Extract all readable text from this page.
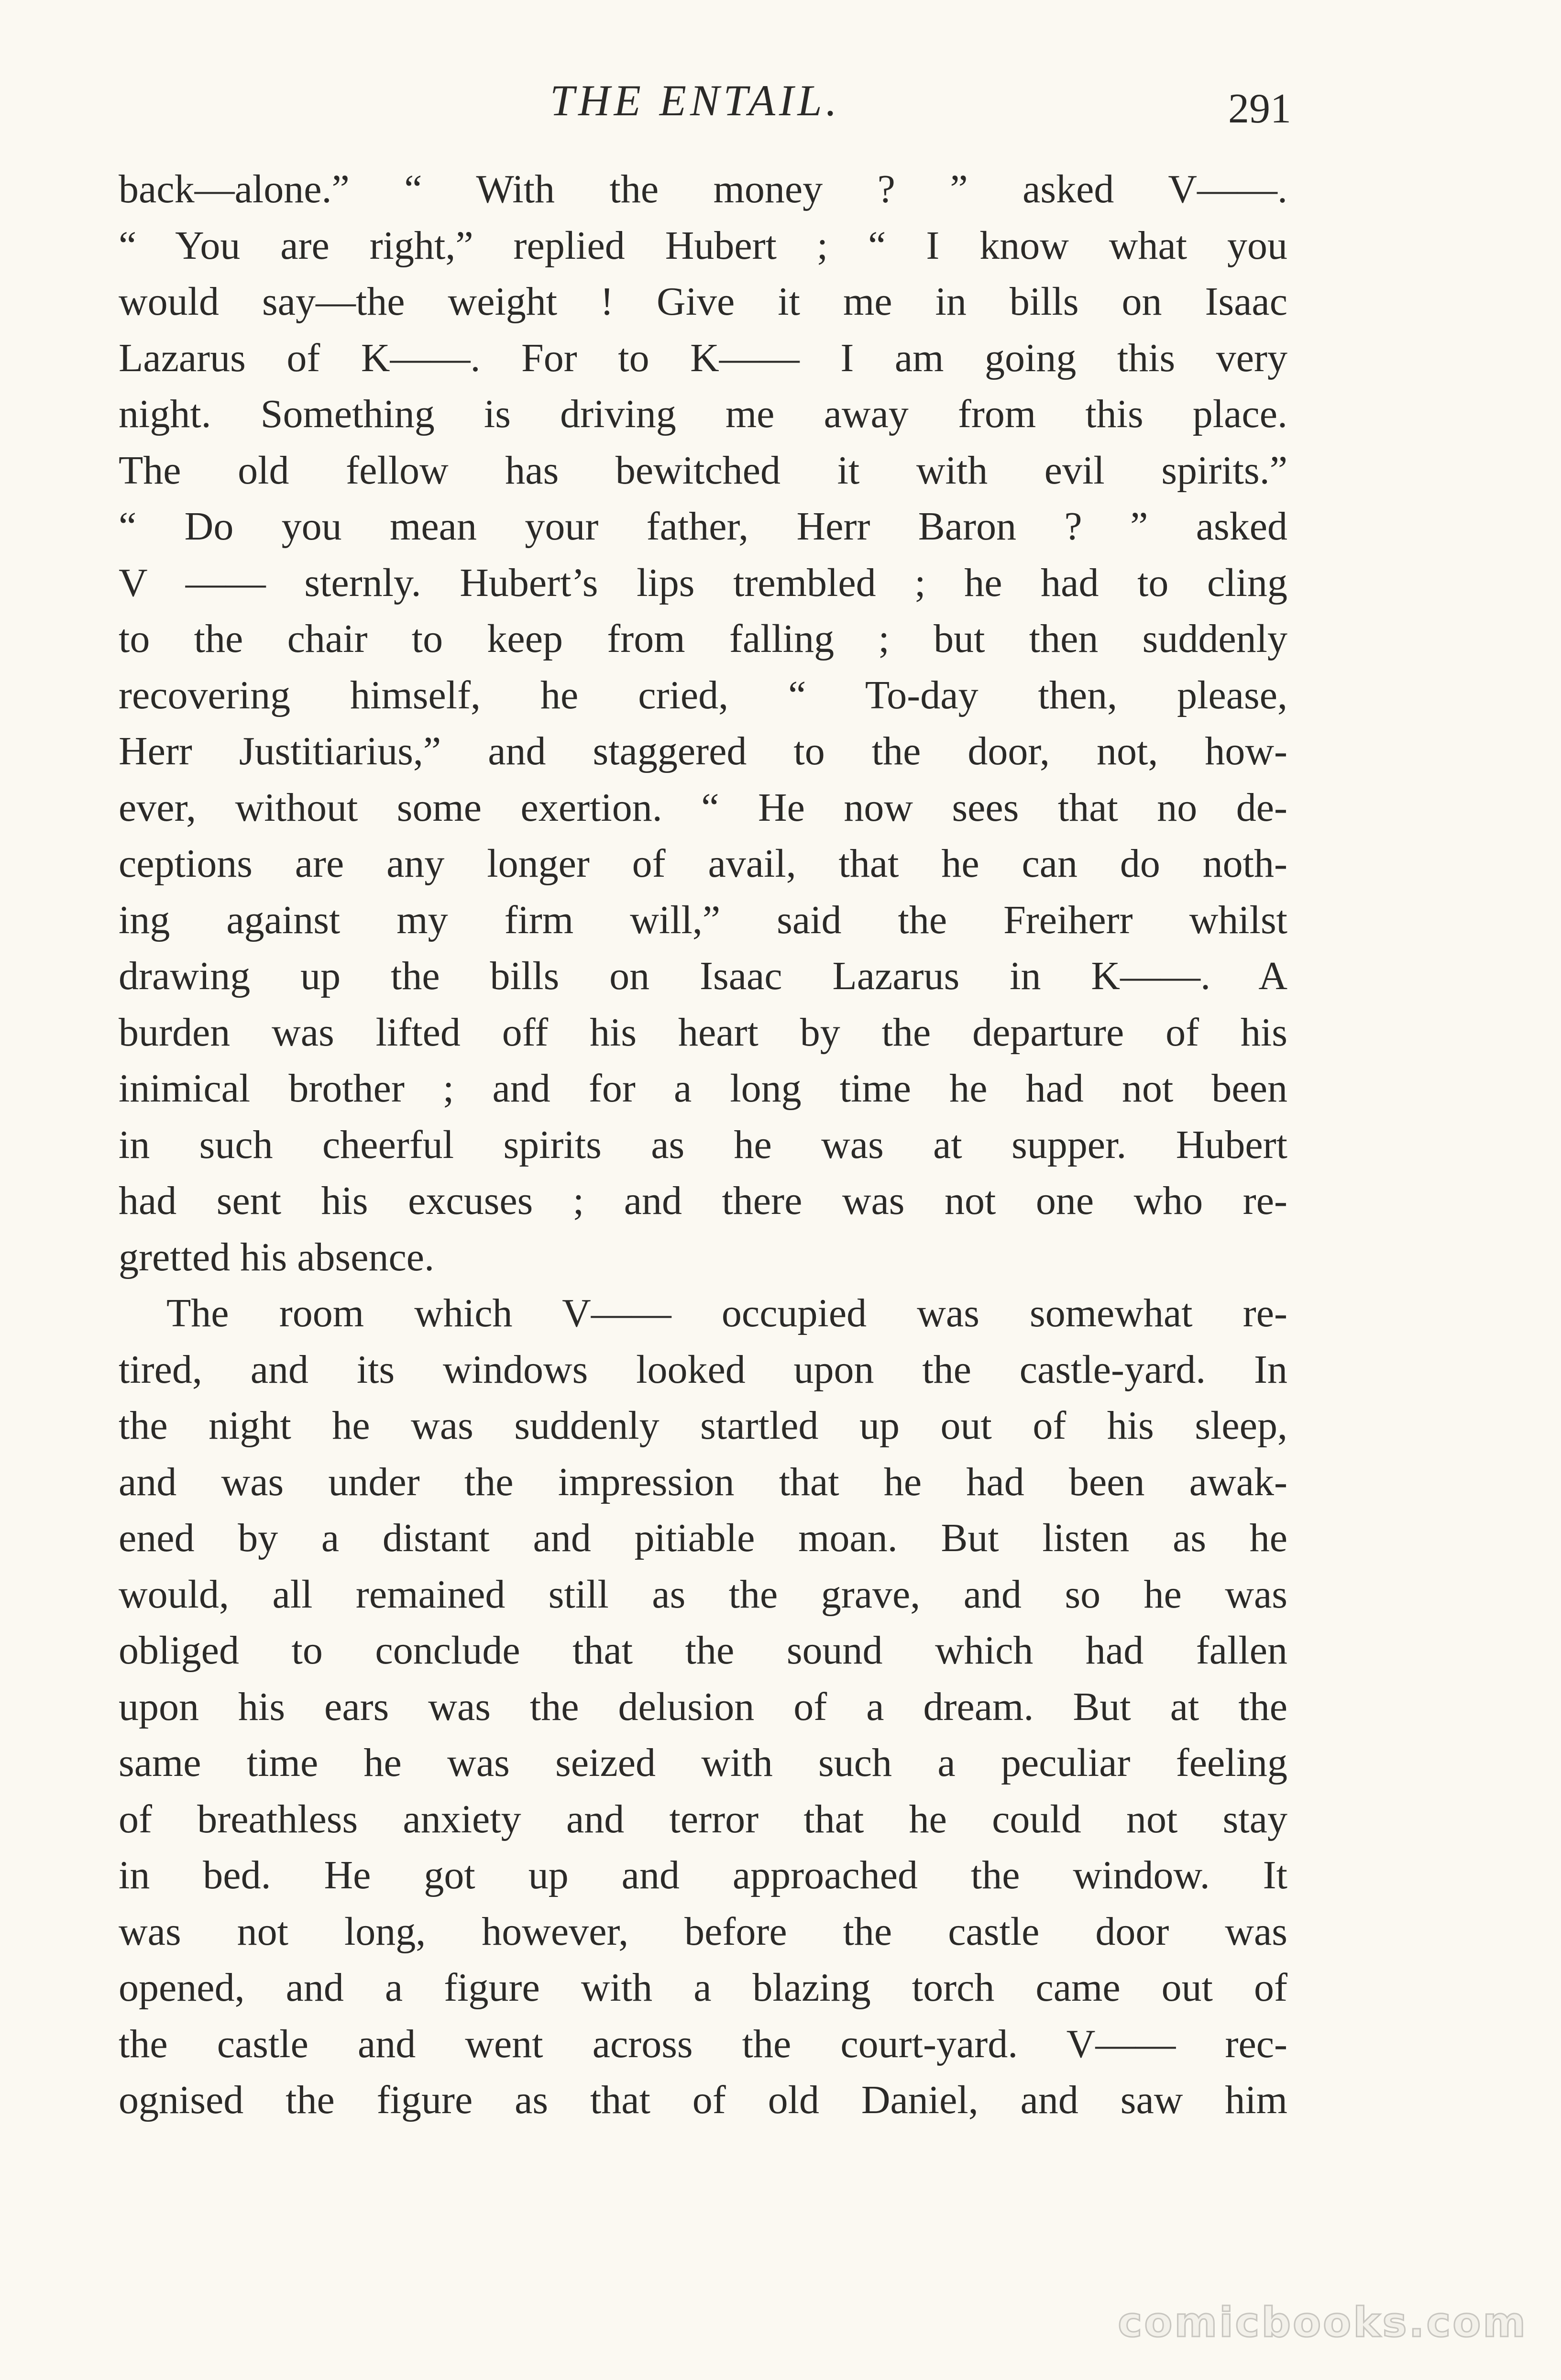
THE ENTAIL.	291
back—alone.” “ With the money ? ” asked V——.
“ You are right,” replied Hubert ; “ I know what you
would say—the weight ! Give it me in bills on Isaac
Lazarus of K——. For to K—— I am going this very
night. Something is driving me away from this place.
The old fellow has bewitched it with evil spirits.”
“ Do you mean your father, Herr Baron ? ” asked
V —— sternly. Hubert’s lips trembled ; he had to cling
to the chair to keep from falling ; but then suddenly
recovering himself, he cried, “ To-day then, please,
Herr Justitiarius,” and staggered to the door, not, how-
ever, without some exertion. “ He now sees that no de-
ceptions are any longer of avail, that he can do noth-
ing against my firm will,” said the Freiherr whilst
drawing up the bills on Isaac Lazarus in K——. A
burden was lifted off his heart by the departure of his
inimical brother ; and for a long time he had not been
in such cheerful spirits as he was at supper. Hubert
had sent his excuses ; and there was not one who re-
gretted his absence.
The room which V—— occupied was somewhat re-
tired, and its windows looked upon the castle-yard. In
the night he was suddenly startled up out of his sleep,
and was under the impression that he had been awak-
ened by a distant and pitiable moan. But listen as he
would, all remained still as the grave, and so he was
obliged to conclude that the sound which had fallen
upon his ears was the delusion of a dream. But at the
same time he was seized with such a peculiar feeling
of breathless anxiety and terror that he could not stay
in bed. He got up and approached the window. It
was not long, however, before the castle door was
opened, and a figure with a blazing torch came out of
the castle and went across the court-yard. V—— rec-
ognised the figure as that of old Daniel, and saw him
comicbooks.com
